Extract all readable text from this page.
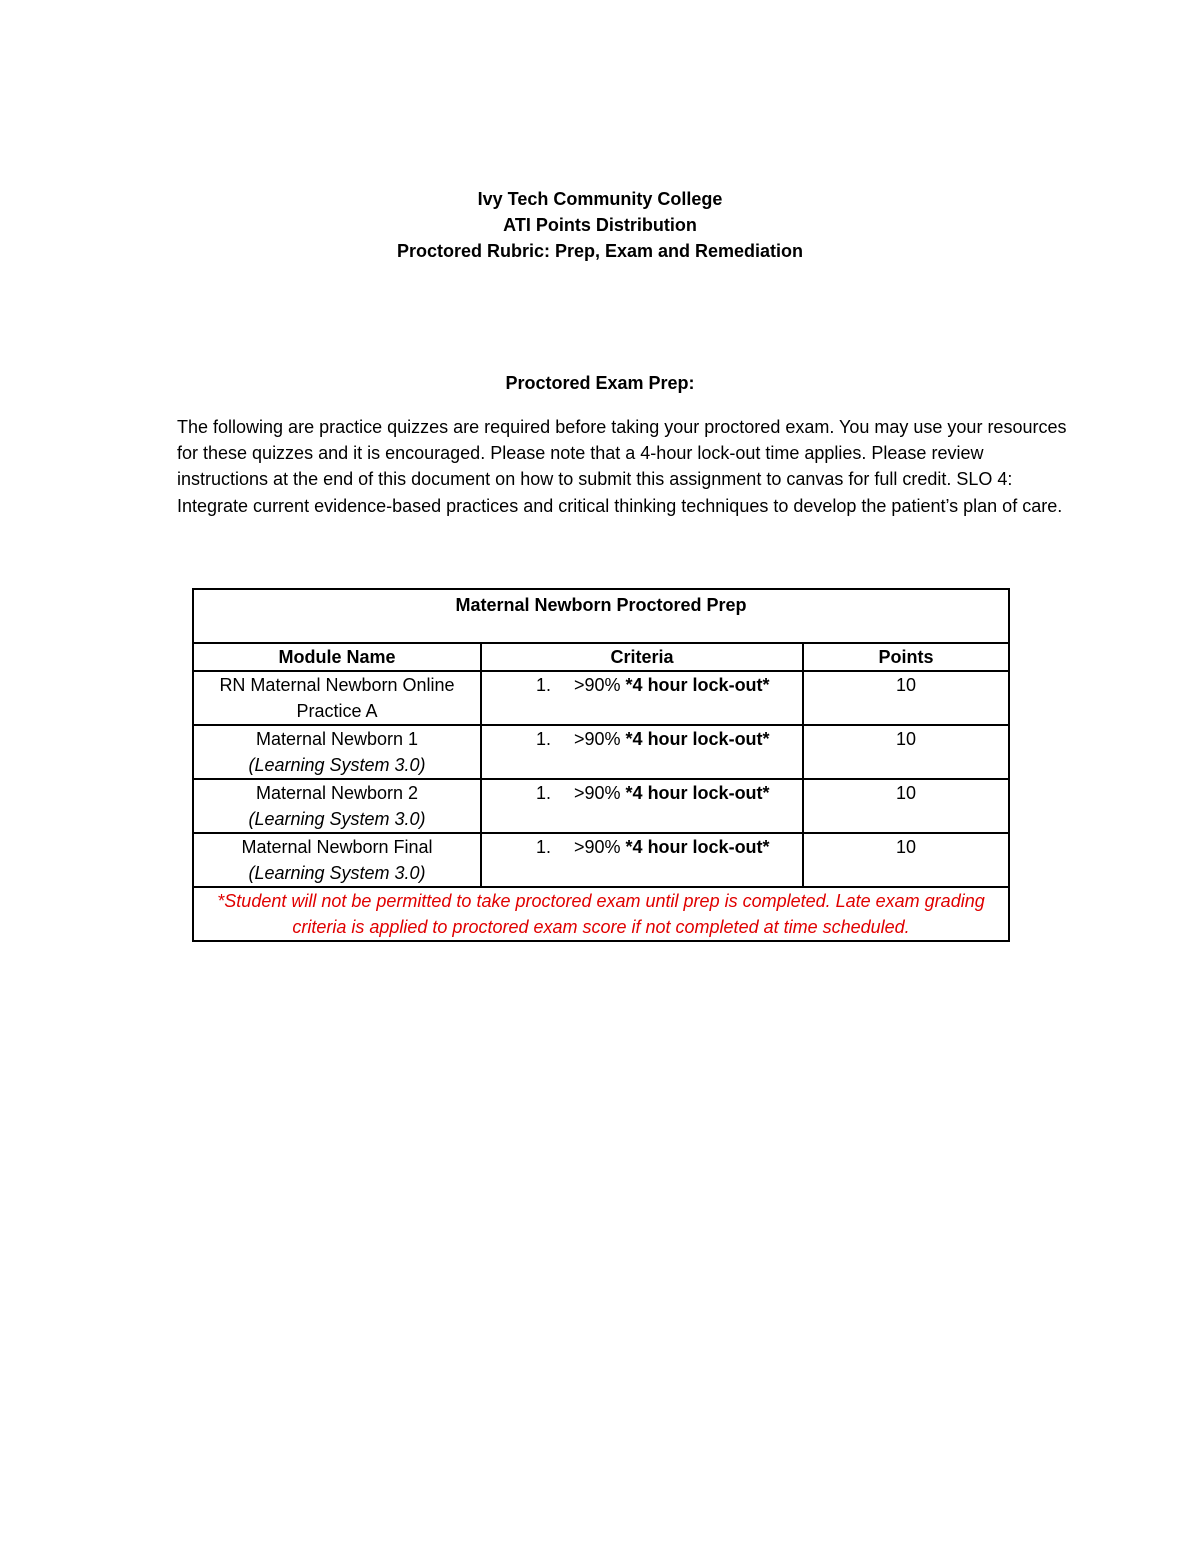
Ivy Tech Community College
ATI Points Distribution
Proctored Rubric: Prep, Exam and Remediation
Proctored Exam Prep:

The following are practice quizzes are required before taking your proctored exam. You may use your resources for these quizzes and it is encouraged. Please note that a 4-hour lock-out time applies. Please review instructions at the end of this document on how to submit this assignment to canvas for full credit. SLO 4: Integrate current evidence-based practices and critical thinking techniques to develop the patient’s plan of care.

Maternal Newborn Proctored Prep		
Module Name	Criteria	Points

RN Maternal Newborn Online Practice A	1. >90% *4 hour lock-out*	10

Maternal Newborn 1
(Learning System 3.0)	1. >90% *4 hour lock-out*	10

Maternal Newborn 2
(Learning System 3.0)	1. >90% *4 hour lock-out*	10

Maternal Newborn Final
(Learning System 3.0)	1. >90% *4 hour lock-out*	10
*Student will not be permitted to take proctored exam until prep is completed. Late exam grading criteria is applied to proctored exam score if not completed at time scheduled.		
